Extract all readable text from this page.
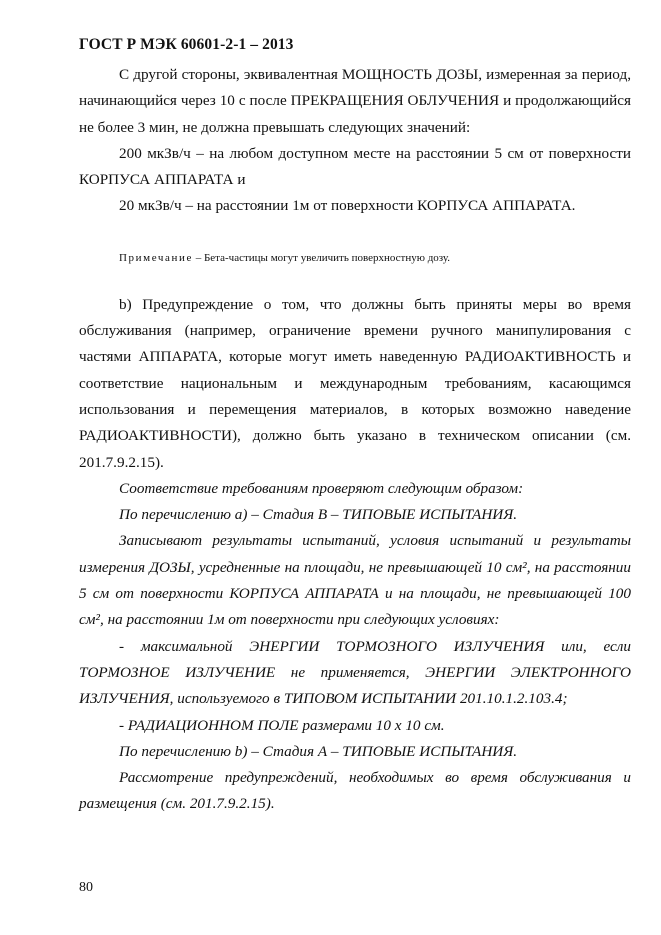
ГОСТ Р МЭК 60601-2-1 – 2013

С другой стороны, эквивалентная МОЩНОСТЬ ДОЗЫ, измеренная за период, начинающийся через 10 с после ПРЕКРАЩЕНИЯ ОБЛУЧЕНИЯ и продолжающийся не более 3 мин, не должна превышать следующих значений:

200 мкЗв/ч – на любом доступном месте на расстоянии 5 см от поверхности КОРПУСА АППАРАТА и

20 мкЗв/ч – на расстоянии 1м от поверхности КОРПУСА АППАРАТА.

Примечание – Бета-частицы могут увеличить поверхностную дозу.

b) Предупреждение о том, что должны быть приняты меры во время обслуживания (например, ограничение времени ручного манипулирования с частями АППАРАТА, которые могут иметь наведенную РАДИОАКТИВНОСТЬ и соответствие национальным и международным требованиям, касающимся использования и перемещения материалов, в которых возможно наведение РАДИОАКТИВНОСТИ), должно быть указано в техническом описании (см. 201.7.9.2.15).

Соответствие требованиям проверяют следующим образом:

По перечислению a) – Стадия В – ТИПОВЫЕ ИСПЫТАНИЯ.

Записывают результаты испытаний, условия испытаний и результаты измерения ДОЗЫ, усредненные на площади, не превышающей 10 см², на расстоянии 5 см от поверхности КОРПУСА АППАРАТА и на площади, не превышающей 100 см², на расстоянии 1м от поверхности при следующих условиях:

- максимальной ЭНЕРГИИ ТОРМОЗНОГО ИЗЛУЧЕНИЯ или, если ТОРМОЗНОЕ ИЗЛУЧЕНИЕ не применяется, ЭНЕРГИИ ЭЛЕКТРОННОГО ИЗЛУЧЕНИЯ, используемого в ТИПОВОМ ИСПЫТАНИИ 201.10.1.2.103.4;

- РАДИАЦИОННОМ ПОЛЕ размерами 10 х 10 см.

По перечислению b) – Стадия А – ТИПОВЫЕ ИСПЫТАНИЯ.

Рассмотрение предупреждений, необходимых во время обслуживания и размещения (см. 201.7.9.2.15).

80
